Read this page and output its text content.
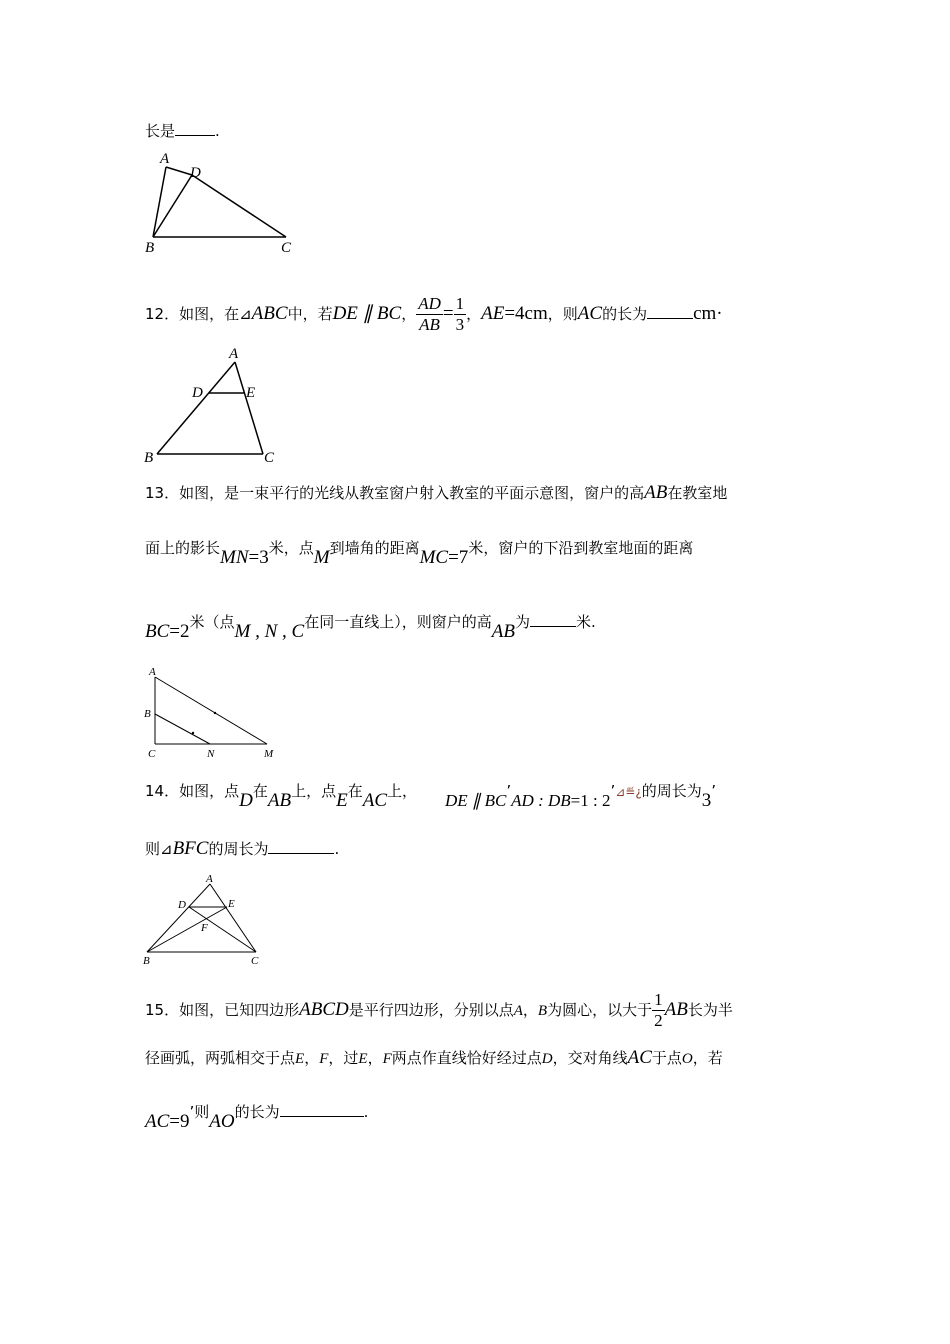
长是	.
A
D
B	C
12．如图，在⊿ABC中，若DE ∥ BC， $\frac{AD}{AB} = \frac{1}{3}$ ，AE=4cm，则AC的长为 cm·
A
D	E
B	C
13．如图，是一束平行的光线从教室窗户射入教室的平面示意图，窗户的高AB在教室地
面上的影长MN=3米，点M到墙角的距离MC=7米，窗户的下沿到教室地面的距离
BC=2米（点M , N , C在同一直线上），则窗户的高AB为	米.
A
B
C	N	M
14．如图，点D在AB上，点E在AC上， DE ∥ BC’AD : DB=1 : 2’⊿≝¿的周长为3’
则⊿BFC的周长为	.
A
D	E
F
B	C
15．如图，已知四边形ABCD是平行四边形，分别以点A，B为圆心，以大于 $\frac{1}{2}$ AB长为半
径画弧，两弧相交于点E，F，过E，F两点作直线恰好经过点D，交对角线AC于点O，若
AC=9’则AO的长为	.
